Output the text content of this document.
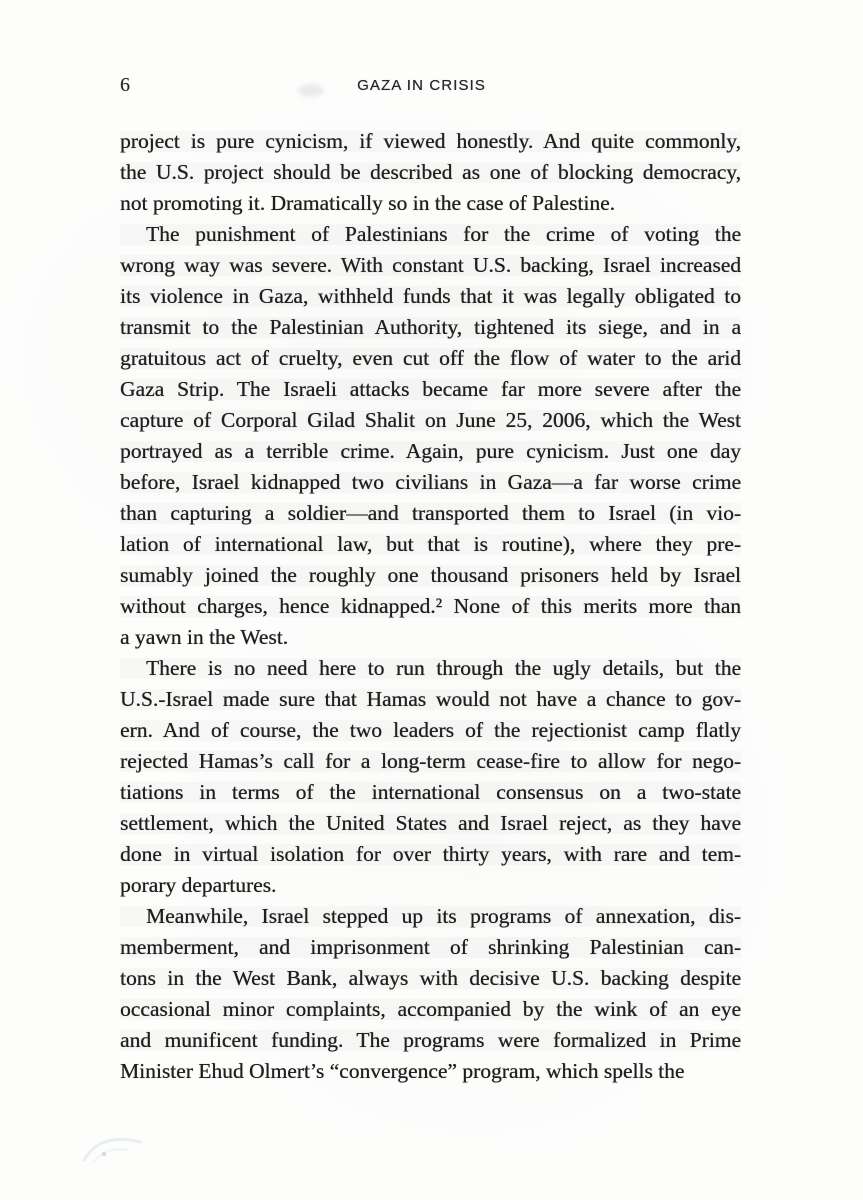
6	GAZA IN CRISIS
project is pure cynicism, if viewed honestly. And quite commonly,
the U.S. project should be described as one of blocking democracy,
not promoting it. Dramatically so in the case of Palestine.
The punishment of Palestinians for the crime of voting the
wrong way was severe. With constant U.S. backing, Israel increased
its violence in Gaza, withheld funds that it was legally obligated to
transmit to the Palestinian Authority, tightened its siege, and in a
gratuitous act of cruelty, even cut off the flow of water to the arid
Gaza Strip. The Israeli attacks became far more severe after the
capture of Corporal Gilad Shalit on June 25, 2006, which the West
portrayed as a terrible crime. Again, pure cynicism. Just one day
before, Israel kidnapped two civilians in Gaza—a far worse crime
than capturing a soldier—and transported them to Israel (in vio-
lation of international law, but that is routine), where they pre-
sumably joined the roughly one thousand prisoners held by Israel
without charges, hence kidnapped.² None of this merits more than
a yawn in the West.
There is no need here to run through the ugly details, but the
U.S.-Israel made sure that Hamas would not have a chance to gov-
ern. And of course, the two leaders of the rejectionist camp flatly
rejected Hamas’s call for a long-term cease-fire to allow for nego-
tiations in terms of the international consensus on a two-state
settlement, which the United States and Israel reject, as they have
done in virtual isolation for over thirty years, with rare and tem-
porary departures.
Meanwhile, Israel stepped up its programs of annexation, dis-
memberment, and imprisonment of shrinking Palestinian can-
tons in the West Bank, always with decisive U.S. backing despite
occasional minor complaints, accompanied by the wink of an eye
and munificent funding. The programs were formalized in Prime
Minister Ehud Olmert’s “convergence” program, which spells the
